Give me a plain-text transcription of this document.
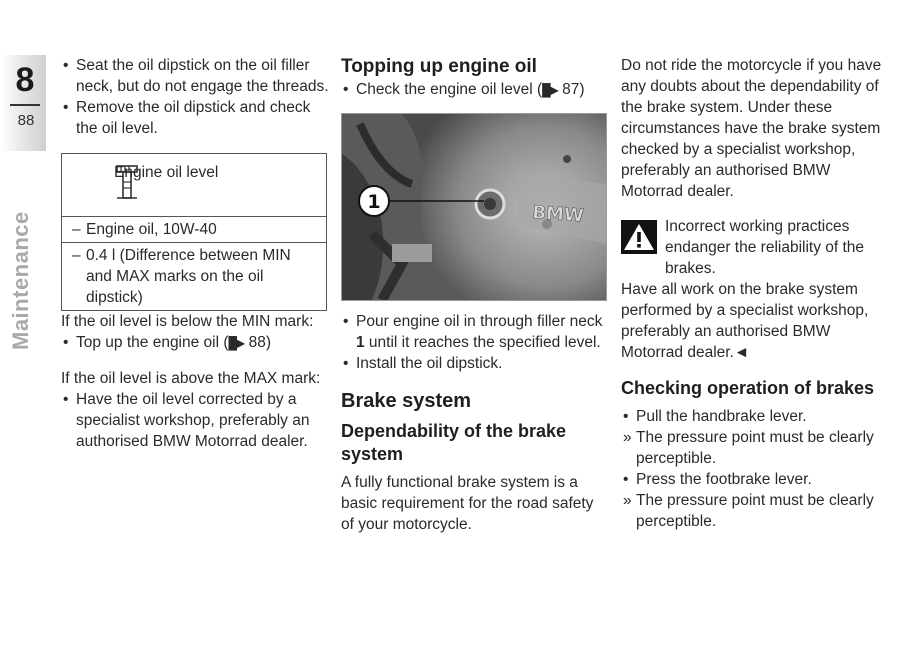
8
88
Maintenance

• Seat the oil dipstick on the oil filler neck, but do not engage the threads.

• Remove the oil dipstick and check the oil level.

Engine oil level
– Engine oil, 10W-40
– 0.4 l (Difference between MIN and MAX marks on the oil dipstick)

If the oil level is below the MIN mark:

• Top up the engine oil (█▶ 88)

If the oil level is above the MAX mark:

• Have the oil level corrected by a specialist workshop, preferably an authorised BMW Motorrad dealer.

Topping up engine oil

• Check the engine oil level (█▶ 87)

BMW
1

• Pour engine oil in through filler neck 1 until it reaches the specified level.

• Install the oil dipstick.

Brake system
Dependability of the brake system

A fully functional brake system is a basic requirement for the road safety of your motorcycle.

Do not ride the motorcycle if you have any doubts about the dependability of the brake system. Under these circumstances have the brake system checked by a specialist workshop, preferably an authorised BMW Motorrad dealer.

Incorrect working practices endanger the reliability of the brakes.

Have all work on the brake system performed by a specialist workshop, preferably an authorised BMW Motorrad dealer.◄

Checking operation of brakes

• Pull the handbrake lever.

» The pressure point must be clearly perceptible.

• Press the footbrake lever.

» The pressure point must be clearly perceptible.
